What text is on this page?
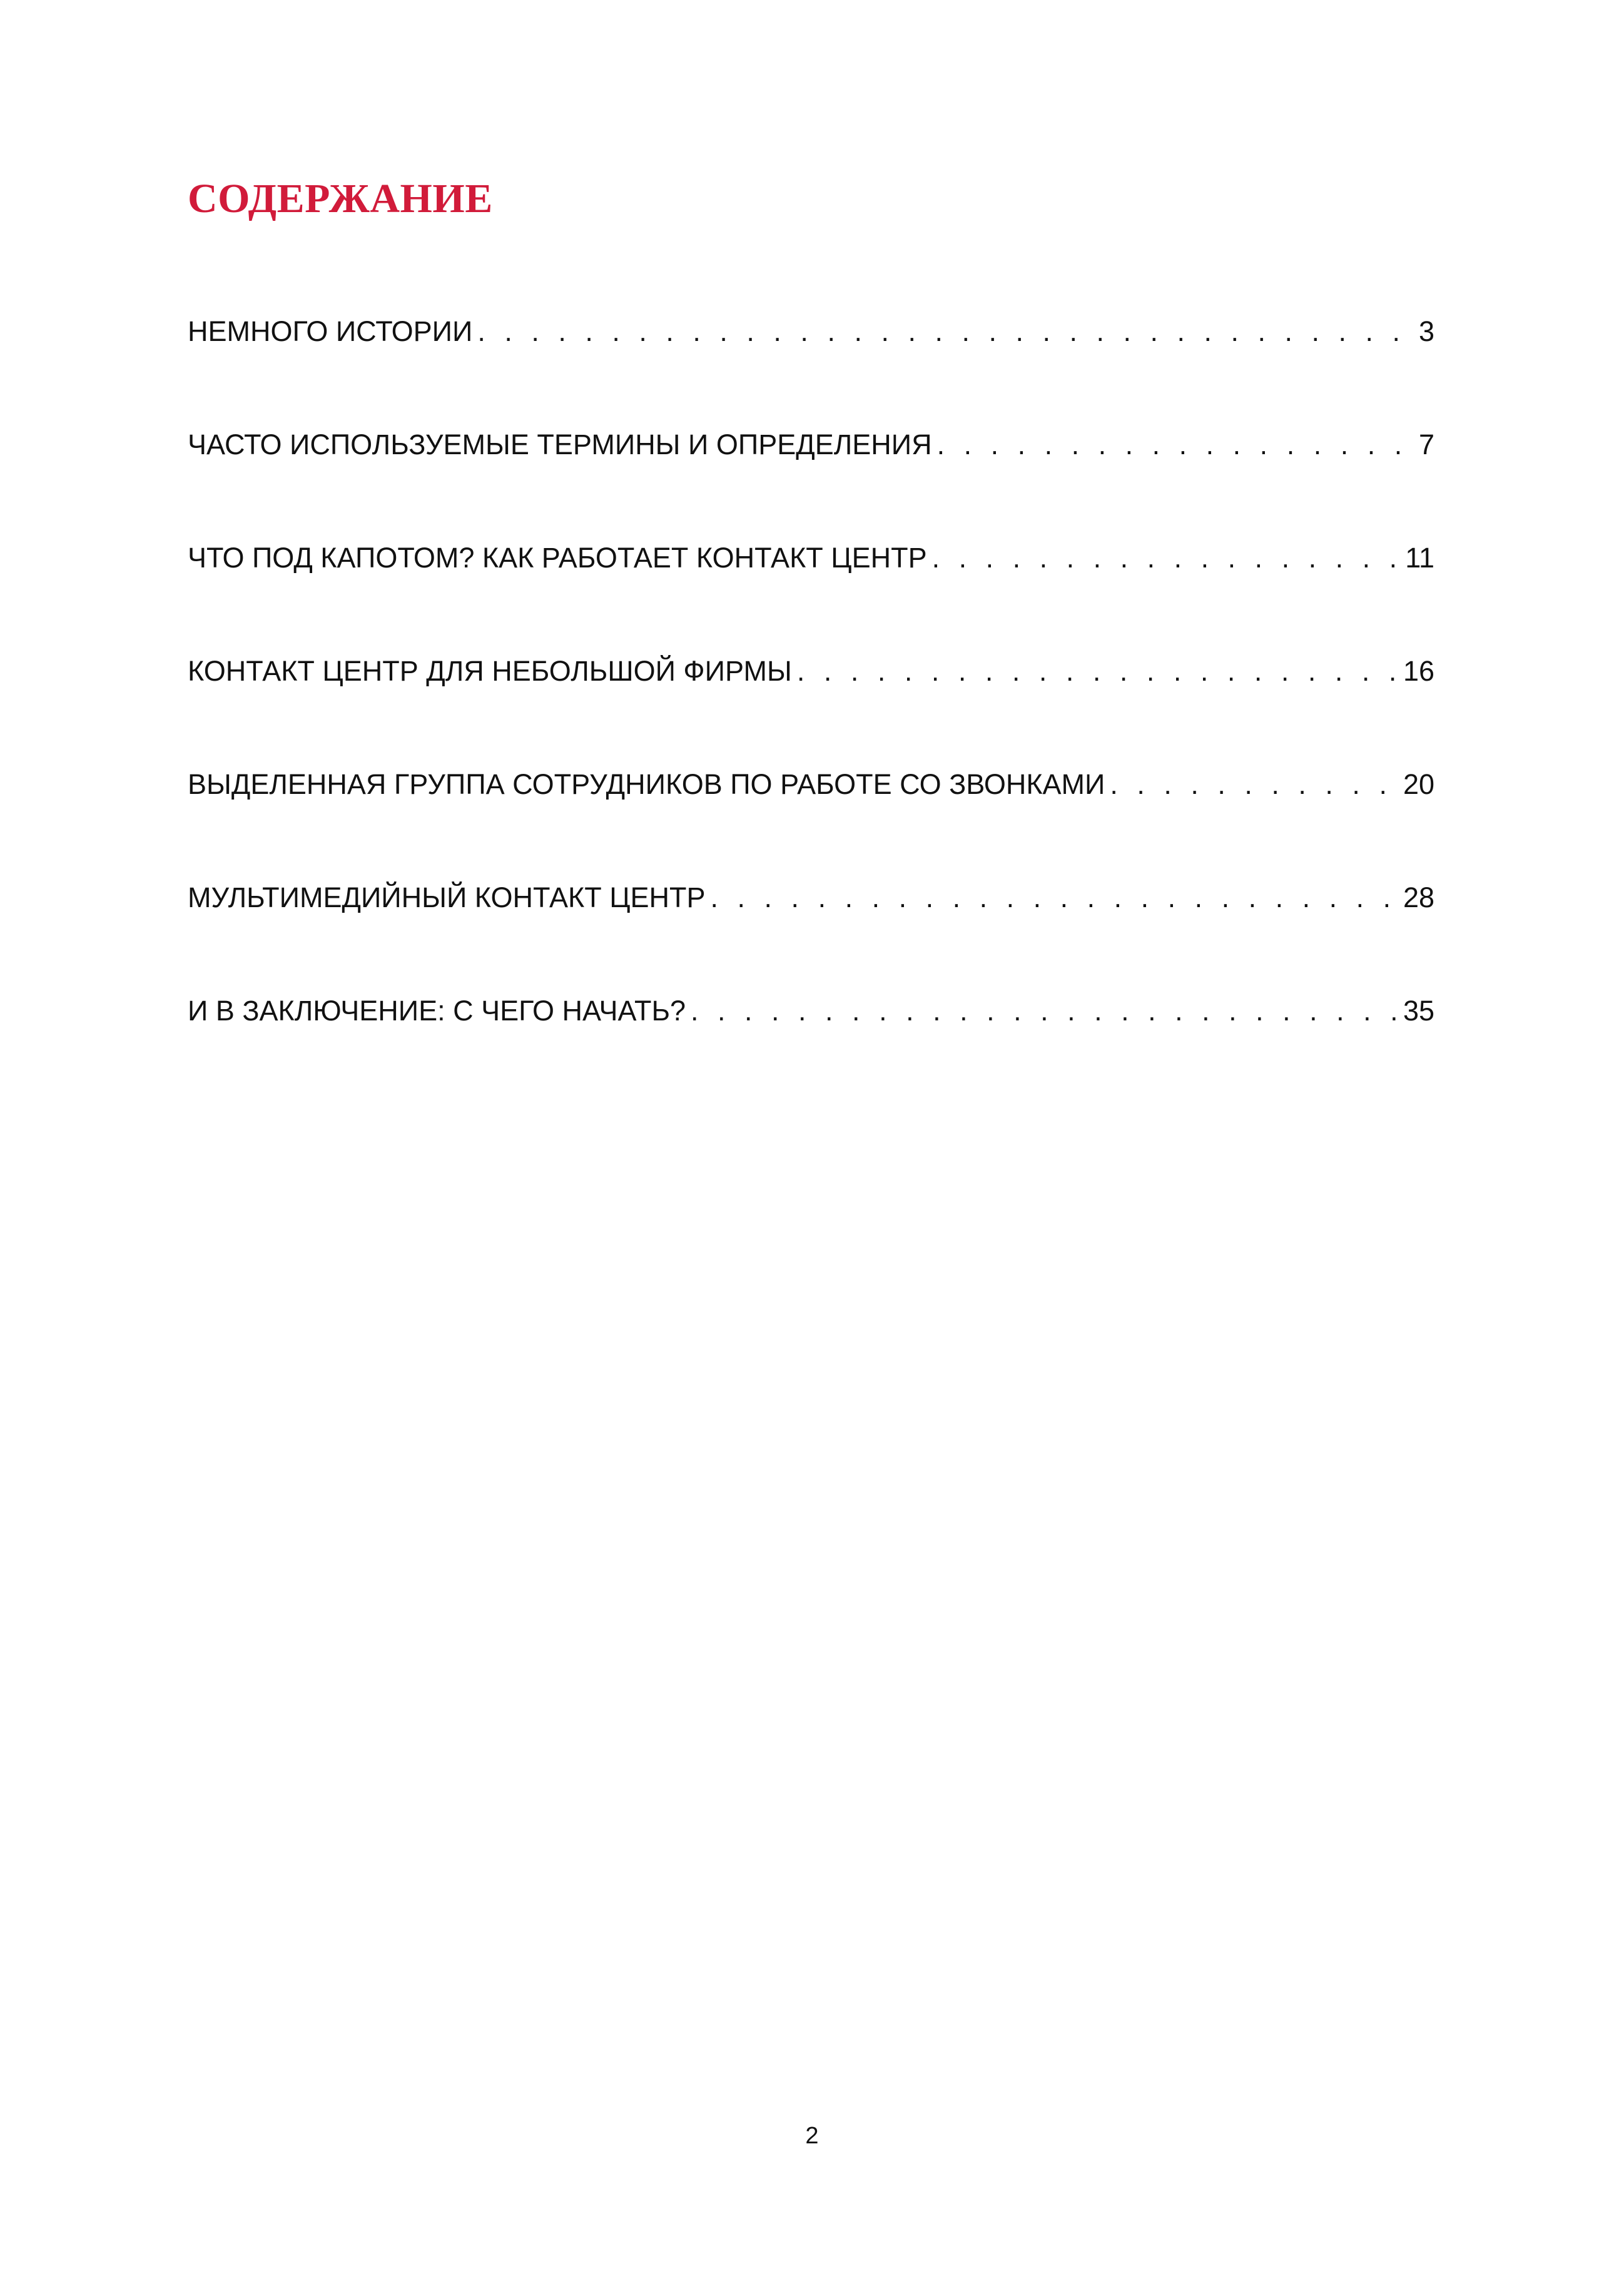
СОДЕРЖАНИЕ
НЕМНОГО ИСТОРИИ . . .	3
ЧАСТО ИСПОЛЬЗУЕМЫЕ ТЕРМИНЫ И ОПРЕДЕЛЕНИЯ . . .	7
ЧТО ПОД КАПОТОМ? КАК РАБОТАЕТ КОНТАКТ ЦЕНТР . . .	11
КОНТАКТ ЦЕНТР ДЛЯ НЕБОЛЬШОЙ ФИРМЫ . . .	16
ВЫДЕЛЕННАЯ ГРУППА СОТРУДНИКОВ ПО РАБОТЕ СО ЗВОНКАМИ . . .	20
МУЛЬТИМЕДИЙНЫЙ КОНТАКТ ЦЕНТР . . .	28
И В ЗАКЛЮЧЕНИЕ: С ЧЕГО НАЧАТЬ? . . .	35
2
